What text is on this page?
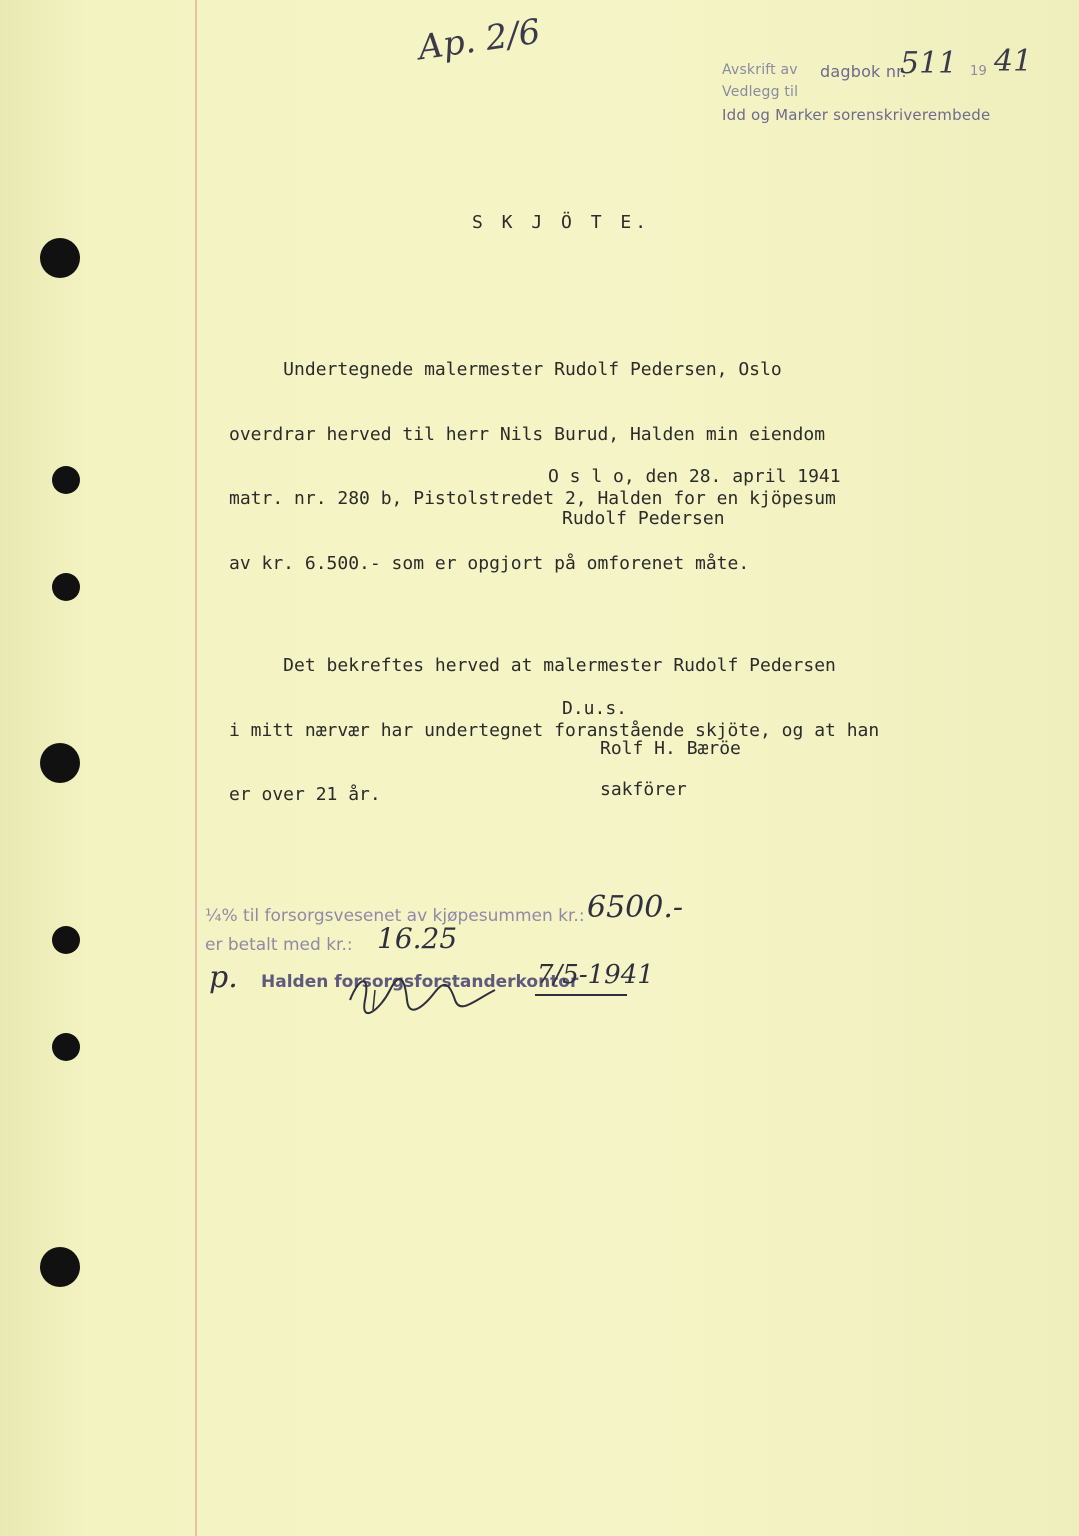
Ap. 2/6
Avskrift av dagbok nr.
511 19 41
Vedlegg til
Idd og Marker sorenskriverembede
S K J Ö T E.

Undertegnede malermester Rudolf Pedersen, Oslo

overdrar herved til herr Nils Burud, Halden min eiendom

matr. nr. 280 b, Pistolstredet 2, Halden for en kjöpesum

av kr. 6.500.- som er opgjort på omforenet måte.

O s l o, den 28. april 1941
Rudolf Pedersen

Det bekreftes herved at malermester Rudolf Pedersen

i mitt nærvær har undertegnet foranstående skjöte, og at han

er over 21 år.

D.u.s.
Rolf H. Bæröe
sakförer
¼% til forsorgsvesenet av kjøpesummen kr.: 6500.-
er betalt med kr.: 16.25
p. Halden forsorgsforstanderkontor
7/5-1941
